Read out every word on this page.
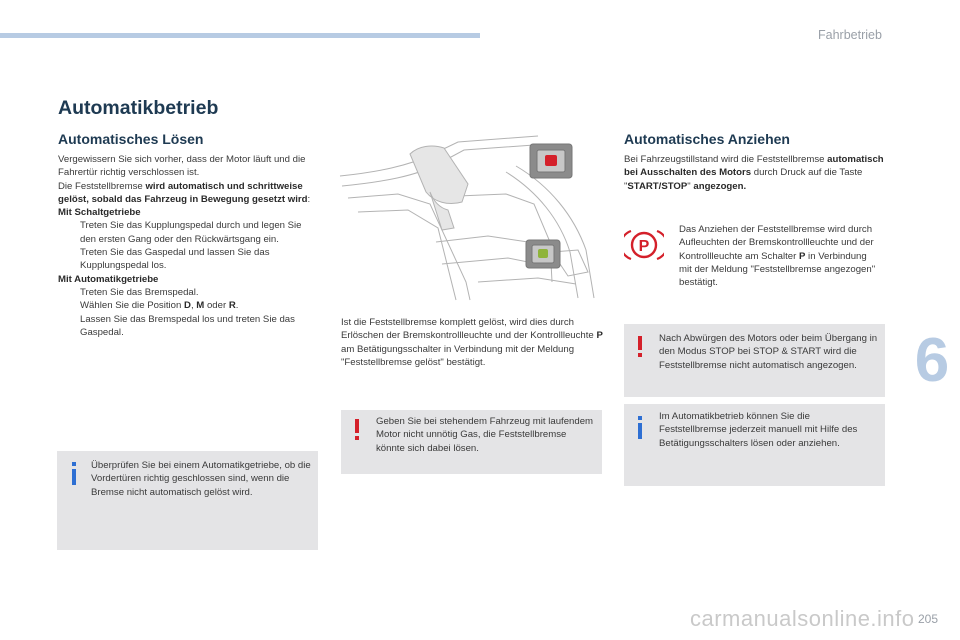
Fahrbetrieb
Automatikbetrieb
Automatisches Lösen

Vergewissern Sie sich vorher, dass der Motor läuft und die Fahrertür richtig verschlossen ist.

Die Feststellbremse wird automatisch und schrittweise gelöst, sobald das Fahrzeug in Bewegung gesetzt wird:

Mit Schaltgetriebe

Treten Sie das Kupplungspedal durch und legen Sie den ersten Gang oder den Rückwärtsgang ein.
Treten Sie das Gaspedal und lassen Sie das Kupplungspedal los.

Mit Automatikgetriebe

Treten Sie das Bremspedal.
Wählen Sie die Position D, M oder R.
Lassen Sie das Bremspedal los und treten Sie das Gaspedal.
Überprüfen Sie bei einem Automatikgetriebe, ob die Vordertüren richtig geschlossen sind, wenn die Bremse nicht automatisch gelöst wird.

Ist die Feststellbremse komplett gelöst, wird dies durch Erlöschen der Bremskontrollleuchte und der Kontrollleuchte P am Betätigungsschalter in Verbindung mit der Meldung "Feststellbremse gelöst" bestätigt.

Geben Sie bei stehendem Fahrzeug mit laufendem Motor nicht unnötig Gas, die Feststellbremse könnte sich dabei lösen.
Automatisches Anziehen

Bei Fahrzeugstillstand wird die Feststellbremse automatisch bei Ausschalten des Motors durch Druck auf die Taste "START/STOP" angezogen.

P

Das Anziehen der Feststellbremse wird durch Aufleuchten der Bremskontrollleuchte und der Kontrollleuchte am Schalter P in Verbindung mit der Meldung "Feststellbremse angezogen" bestätigt.

Nach Abwürgen des Motors oder beim Übergang in den Modus STOP bei STOP & START wird die Feststellbremse nicht automatisch angezogen.
Im Automatikbetrieb können Sie die Feststellbremse jederzeit manuell mit Hilfe des Betätigungsschalters lösen oder anziehen.
6
carmanualsonline.info 205
